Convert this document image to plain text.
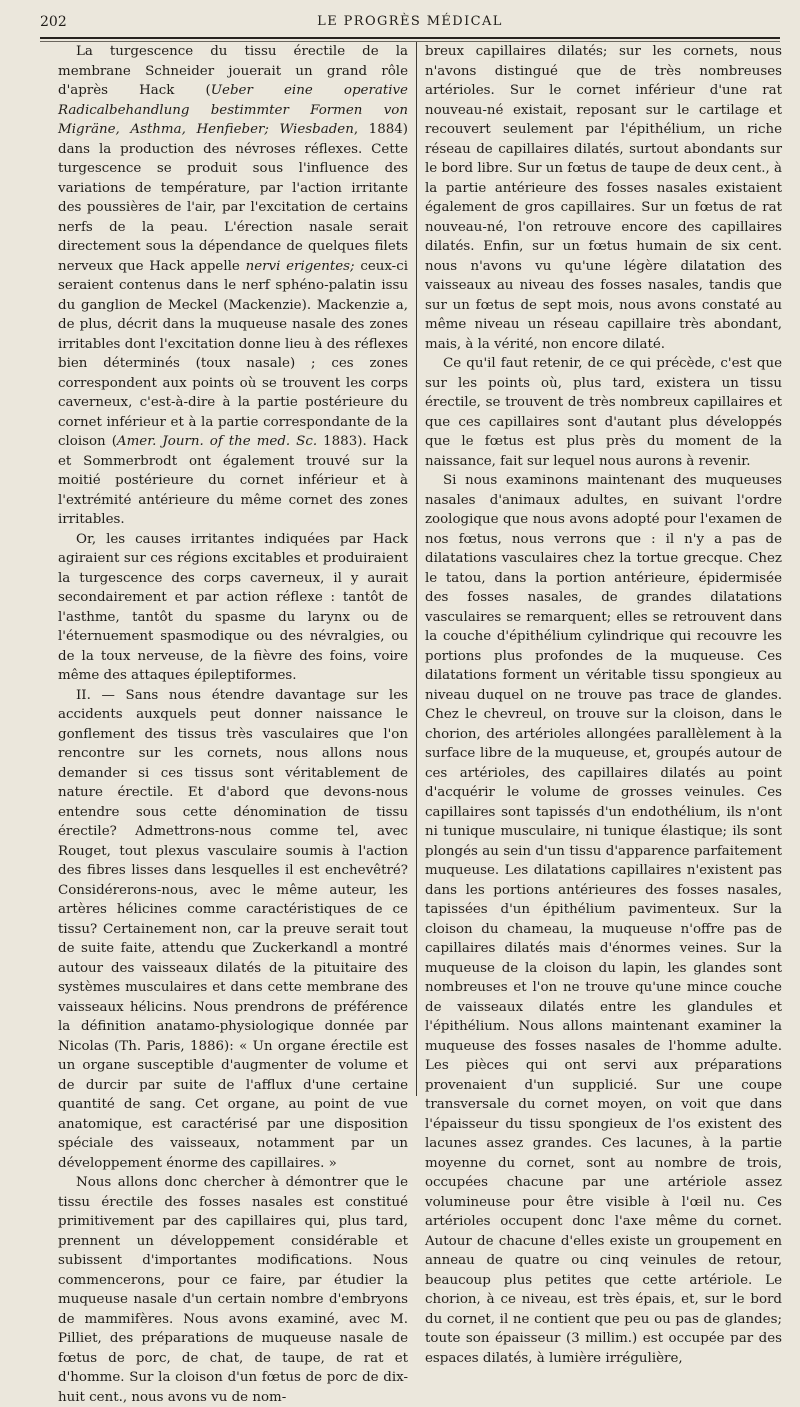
202	LE PROGRÈS MÉDICAL

La turgescence du tissu érectile de la membrane Schneider jouerait un grand rôle d'après Hack (Ueber eine operative Radicalbehandlung bestimmter Formen von Migräne, Asthma, Henfieber; Wiesbaden, 1884) dans la production des névroses réflexes. Cette turgescence se produit sous l'influence des variations de température, par l'action irritante des poussières de l'air, par l'excitation de certains nerfs de la peau. L'érection nasale serait directement sous la dépendance de quelques filets nerveux que Hack appelle nervi erigentes; ceux-ci seraient contenus dans le nerf sphéno-palatin issu du ganglion de Meckel (Mackenzie). Mackenzie a, de plus, décrit dans la muqueuse nasale des zones irritables dont l'excitation donne lieu à des réflexes bien déterminés (toux nasale) ; ces zones correspondent aux points où se trouvent les corps caverneux, c'est-à-dire à la partie postérieure du cornet inférieur et à la partie correspondante de la cloison (Amer. Journ. of the med. Sc. 1883). Hack et Sommerbrodt ont également trouvé sur la moitié postérieure du cornet inférieur et à l'extrémité antérieure du même cornet des zones irritables.

Or, les causes irritantes indiquées par Hack agiraient sur ces régions excitables et produiraient la turgescence des corps caverneux, il y aurait secondairement et par action réflexe : tantôt de l'asthme, tantôt du spasme du larynx ou de l'éternuement spasmodique ou des névralgies, ou de la toux nerveuse, de la fièvre des foins, voire même des attaques épileptiformes.

II. — Sans nous étendre davantage sur les accidents auxquels peut donner naissance le gonflement des tissus très vasculaires que l'on rencontre sur les cornets, nous allons nous demander si ces tissus sont véritablement de nature érectile. Et d'abord que devons-nous entendre sous cette dénomination de tissu érectile? Admettrons-nous comme tel, avec Rouget, tout plexus vasculaire soumis à l'action des fibres lisses dans lesquelles il est enchevêtré? Considérerons-nous, avec le même auteur, les artères hélicines comme caractéristiques de ce tissu? Certainement non, car la preuve serait tout de suite faite, attendu que Zuckerkandl a montré autour des vaisseaux dilatés de la pituitaire des systèmes musculaires et dans cette membrane des vaisseaux hélicins. Nous prendrons de préférence la définition anatamo-physiologique donnée par Nicolas (Th. Paris, 1886): « Un organe érectile est un organe susceptible d'augmenter de volume et de durcir par suite de l'afflux d'une certaine quantité de sang. Cet organe, au point de vue anatomique, est caractérisé par une disposition spéciale des vaisseaux, notamment par un développement énorme des capillaires. »

Nous allons donc chercher à démontrer que le tissu érectile des fosses nasales est constitué primitivement par des capillaires qui, plus tard, prennent un développement considérable et subissent d'importantes modifications. Nous commencerons, pour ce faire, par étudier la muqueuse nasale d'un certain nombre d'embryons de mammifères. Nous avons examiné, avec M. Pilliet, des préparations de muqueuse nasale de fœtus de porc, de chat, de taupe, de rat et d'homme. Sur la cloison d'un fœtus de porc de dix-huit cent., nous avons vu de nom-

breux capillaires dilatés; sur les cornets, nous n'avons distingué que de très nombreuses artérioles. Sur le cornet inférieur d'une rat nouveau-né existait, reposant sur le cartilage et recouvert seulement par l'épithélium, un riche réseau de capillaires dilatés, surtout abondants sur le bord libre. Sur un fœtus de taupe de deux cent., à la partie antérieure des fosses nasales existaient également de gros capillaires. Sur un fœtus de rat nouveau-né, l'on retrouve encore des capillaires dilatés. Enfin, sur un fœtus humain de six cent. nous n'avons vu qu'une légère dilatation des vaisseaux au niveau des fosses nasales, tandis que sur un fœtus de sept mois, nous avons constaté au même niveau un réseau capillaire très abondant, mais, à la vérité, non encore dilaté.

Ce qu'il faut retenir, de ce qui précède, c'est que sur les points où, plus tard, existera un tissu érectile, se trouvent de très nombreux capillaires et que ces capillaires sont d'autant plus développés que le fœtus est plus près du moment de la naissance, fait sur lequel nous aurons à revenir.

Si nous examinons maintenant des muqueuses nasales d'animaux adultes, en suivant l'ordre zoologique que nous avons adopté pour l'examen de nos fœtus, nous verrons que : il n'y a pas de dilatations vasculaires chez la tortue grecque. Chez le tatou, dans la portion antérieure, épidermisée des fosses nasales, de grandes dilatations vasculaires se remarquent; elles se retrouvent dans la couche d'épithélium cylindrique qui recouvre les portions plus profondes de la muqueuse. Ces dilatations forment un véritable tissu spongieux au niveau duquel on ne trouve pas trace de glandes. Chez le chevreul, on trouve sur la cloison, dans le chorion, des artérioles allongées parallèlement à la surface libre de la muqueuse, et, groupés autour de ces artérioles, des capillaires dilatés au point d'acquérir le volume de grosses veinules. Ces capillaires sont tapissés d'un endothélium, ils n'ont ni tunique musculaire, ni tunique élastique; ils sont plongés au sein d'un tissu d'apparence parfaitement muqueuse. Les dilatations capillaires n'existent pas dans les portions antérieures des fosses nasales, tapissées d'un épithélium pavimenteux. Sur la cloison du chameau, la muqueuse n'offre pas de capillaires dilatés mais d'énormes veines. Sur la muqueuse de la cloison du lapin, les glandes sont nombreuses et l'on ne trouve qu'une mince couche de vaisseaux dilatés entre les glandules et l'épithélium. Nous allons maintenant examiner la muqueuse des fosses nasales de l'homme adulte. Les pièces qui ont servi aux préparations provenaient d'un supplicié. Sur une coupe transversale du cornet moyen, on voit que dans l'épaisseur du tissu spongieux de l'os existent des lacunes assez grandes. Ces lacunes, à la partie moyenne du cornet, sont au nombre de trois, occupées chacune par une artériole assez volumineuse pour être visible à l'œil nu. Ces artérioles occupent donc l'axe même du cornet. Autour de chacune d'elles existe un groupement en anneau de quatre ou cinq veinules de retour, beaucoup plus petites que cette artériole. Le chorion, à ce niveau, est très épais, et, sur le bord du cornet, il ne contient que peu ou pas de glandes; toute son épaisseur (3 millim.) est occupée par des espaces dilatés, à lumière irrégulière,
